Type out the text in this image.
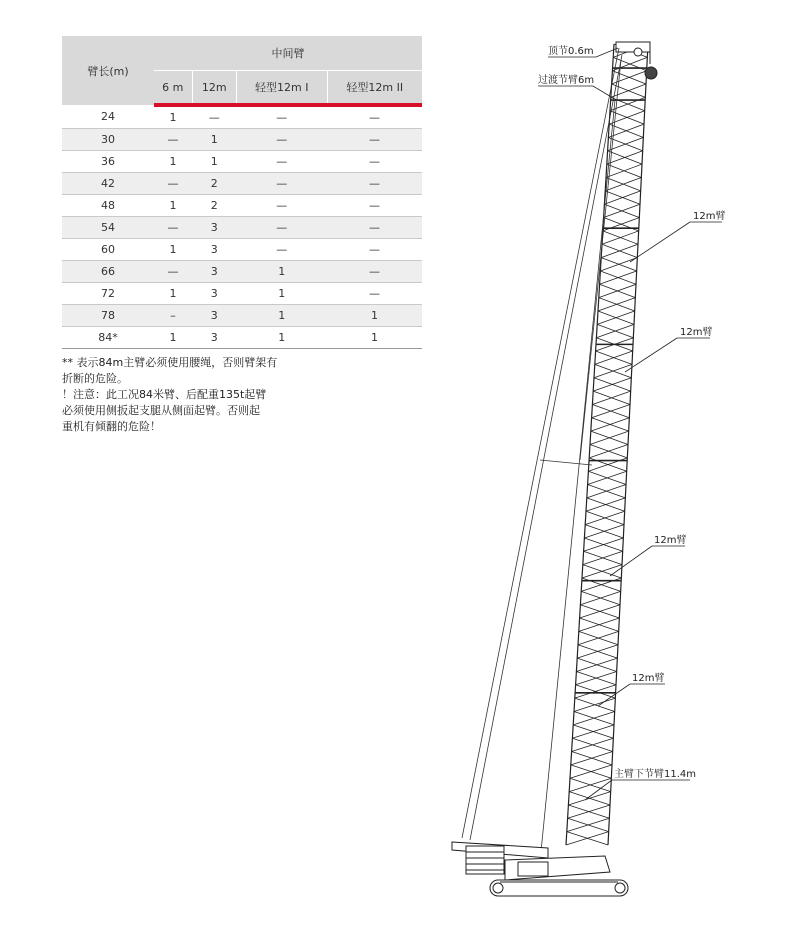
臂长(m)	中间臂			
	6 m	12m	轻型12m I	轻型12m II
24	1	—	—	—
30	—	1	—	—
36	1	1	—	—
42	—	2	—	—
48	1	2	—	—
54	—	3	—	—
60	1	3	—	—
66	—	3	1	—
72	1	3	1	—
78	–	3	1	1
84*	1	3	1	1

** 表示84m主臂必须使用腰绳，否则臂架有

折断的危险。

！注意：此工况84米臂、后配重135t起臂

必须使用侧扳起支腿从侧面起臂。否则起

重机有倾翻的危险！

顶节0.6m
过渡节臂6m
12m臂
12m臂
12m臂
12m臂
主臂下节臂11.4m
